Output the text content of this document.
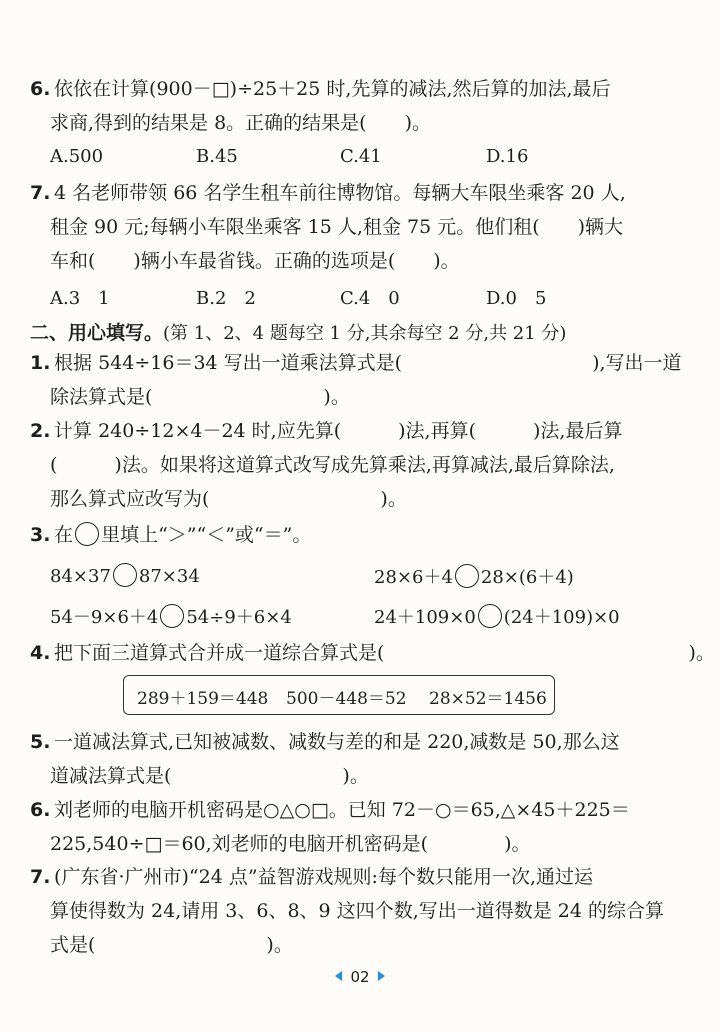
6. 依依在计算(900－□)÷25＋25 时,先算的减法,然后算的加法,最后
求商,得到的结果是 8。正确的结果是(　　)。
A.500	B.45	C.41	D.16
7. 4 名老师带领 66 名学生租车前往博物馆。每辆大车限坐乘客 20 人,
租金 90 元;每辆小车限坐乘客 15 人,租金 75 元。他们租(　　)辆大
车和(　　)辆小车最省钱。正确的选项是(　　)。
A.3　1	B.2　2	C.4　0	D.0　5
二、用心填写。(第 1、2、4 题每空 1 分,其余每空 2 分,共 21 分)
1. 根据 544÷16＝34 写出一道乘法算式是(　　　　　　　　　　),写出一道
除法算式是(　　　　　　　　　)。
2. 计算 240÷12×4－24 时,应先算(　　　)法,再算(　　　)法,最后算
(　　　)法。如果将这道算式改写成先算乘法,再算减法,最后算除法,
那么算式应改写为(　　　　　　　　　)。
3. 在 里填上“＞”“＜”或“＝”。
84×37 87×34	28×6＋4 28×(6＋4)
54－9×6＋4 54÷9＋6×4	24＋109×0 (24＋109)×0
4. 把下面三道算式合并成一道综合算式是(　　　　　　　　　　　　　　　　)。
289＋159＝448 500－448＝52 28×52＝1456
5. 一道减法算式,已知被减数、减数与差的和是 220,减数是 50,那么这
道减法算式是(　　　　　　　　　)。
6. 刘老师的电脑开机密码是○△○□。已知 72－○＝65,△×45＋225＝
225,540÷□＝60,刘老师的电脑开机密码是(　　　　)。
7. (广东省·广州市)“24 点”益智游戏规则:每个数只能用一次,通过运
算使得数为 24,请用 3、6、8、9 这四个数,写出一道得数是 24 的综合算
式是(　　　　　　　　　)。
02
